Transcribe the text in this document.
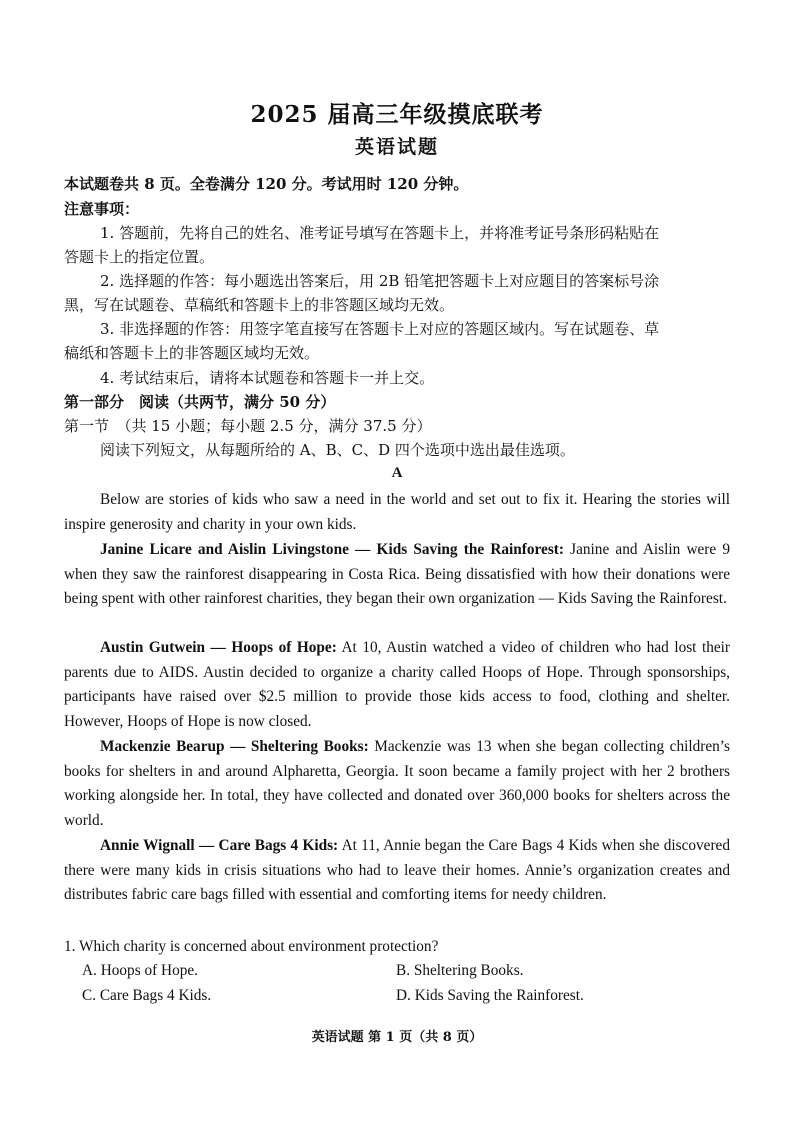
2025 届高三年级摸底联考
英语试题
本试题卷共 8 页。全卷满分 120 分。考试用时 120 分钟。
注意事项：
1. 答题前，先将自己的姓名、准考证号填写在答题卡上，并将准考证号条形码粘贴在
答题卡上的指定位置。
2. 选择题的作答：每小题选出答案后，用 2B 铅笔把答题卡上对应题目的答案标号涂
黑，写在试题卷、草稿纸和答题卡上的非答题区域均无效。
3. 非选择题的作答：用签字笔直接写在答题卡上对应的答题区域内。写在试题卷、草
稿纸和答题卡上的非答题区域均无效。
4. 考试结束后，请将本试题卷和答题卡一并上交。
第一部分　阅读（共两节，满分 50 分）
第一节　（共 15 小题；每小题 2.5 分，满分 37.5 分）
阅读下列短文，从每题所给的 A、B、C、D 四个选项中选出最佳选项。
A

Below are stories of kids who saw a need in the world and set out to fix it. Hearing the stories will inspire generosity and charity in your own kids.

Janine Licare and Aislin Livingstone — Kids Saving the Rainforest: Janine and Aislin were 9 when they saw the rainforest disappearing in Costa Rica. Being dissatisfied with how their donations were being spent with other rainforest charities, they began their own organization — Kids Saving the Rainforest.

Austin Gutwein — Hoops of Hope: At 10, Austin watched a video of children who had lost their parents due to AIDS. Austin decided to organize a charity called Hoops of Hope. Through sponsorships, participants have raised over $2.5 million to provide those kids access to food, clothing and shelter. However, Hoops of Hope is now closed.

Mackenzie Bearup — Sheltering Books: Mackenzie was 13 when she began collecting children’s books for shelters in and around Alpharetta, Georgia. It soon became a family project with her 2 brothers working alongside her. In total, they have collected and donated over 360,000 books for shelters across the world.

Annie Wignall — Care Bags 4 Kids: At 11, Annie began the Care Bags 4 Kids when she discovered there were many kids in crisis situations who had to leave their homes. Annie’s organization creates and distributes fabric care bags filled with essential and comforting items for needy children.

1. Which charity is concerned about environment protection?
A. Hoops of Hope.	B. Sheltering Books.
C. Care Bags 4 Kids.	D. Kids Saving the Rainforest.
英语试题 第 1 页（共 8 页）
